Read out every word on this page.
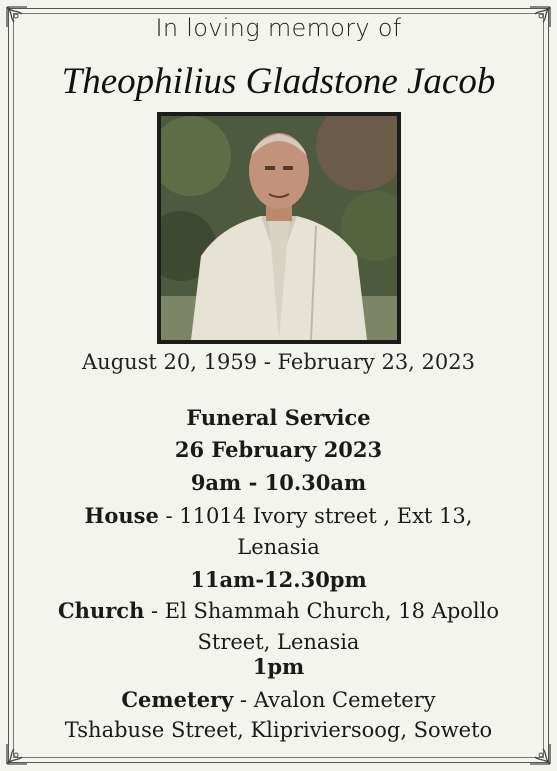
In loving memory of
Theophilius Gladstone Jacob
August 20, 1959 - February 23, 2023
Funeral Service
26 February 2023
9am - 10.30am
House - 11014 Ivory street , Ext 13,
Lenasia
11am-12.30pm
Church - El Shammah Church, 18 Apollo
Street, Lenasia
1pm
Cemetery - Avalon Cemetery
Tshabuse Street, Kliprivierso​og, Soweto
